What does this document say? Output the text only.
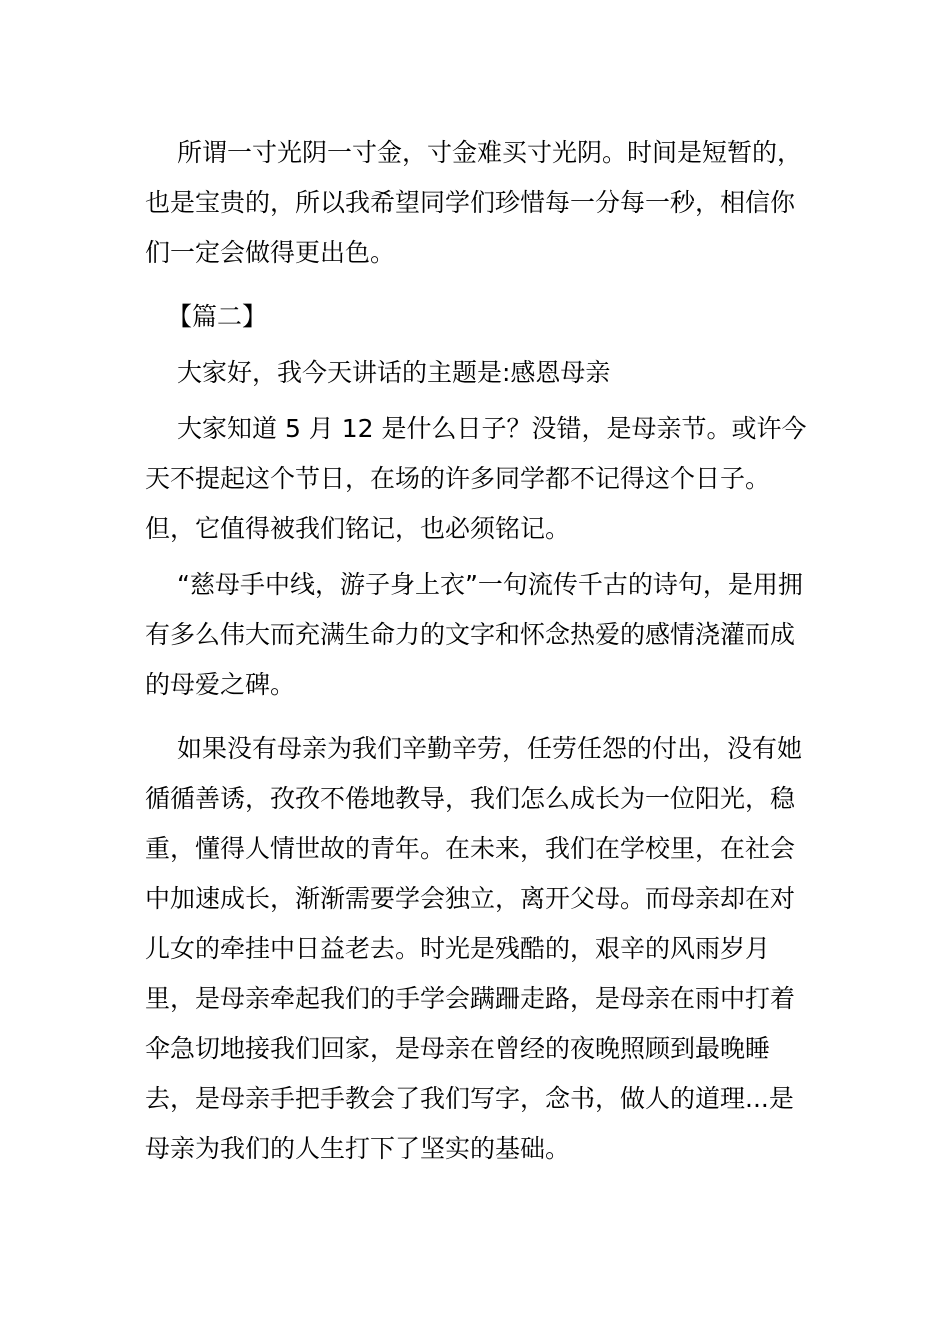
所谓一寸光阴一寸金，寸金难买寸光阴。时间是短暂的，也是宝贵的，所以我希望同学们珍惜每一分每一秒，相信你们一定会做得更出色。

【篇二】

大家好，我今天讲话的主题是:感恩母亲

大家知道 5 月 12 是什么日子？没错，是母亲节。或许今天不提起这个节日，在场的许多同学都不记得这个日子。但，它值得被我们铭记，也必须铭记。

“慈母手中线，游子身上衣”一句流传千古的诗句，是用拥有多么伟大而充满生命力的文字和怀念热爱的感情浇灌而成的母爱之碑。

如果没有母亲为我们辛勤辛劳，任劳任怨的付出，没有她循循善诱，孜孜不倦地教导，我们怎么成长为一位阳光，稳重，懂得人情世故的青年。在未来，我们在学校里，在社会中加速成长，渐渐需要学会独立，离开父母。而母亲却在对儿女的牵挂中日益老去。时光是残酷的，艰辛的风雨岁月里，是母亲牵起我们的手学会蹒跚走路，是母亲在雨中打着伞急切地接我们回家，是母亲在曾经的夜晚照顾到最晚睡去，是母亲手把手教会了我们写字，念书，做人的道理...是母亲为我们的人生打下了坚实的基础。
